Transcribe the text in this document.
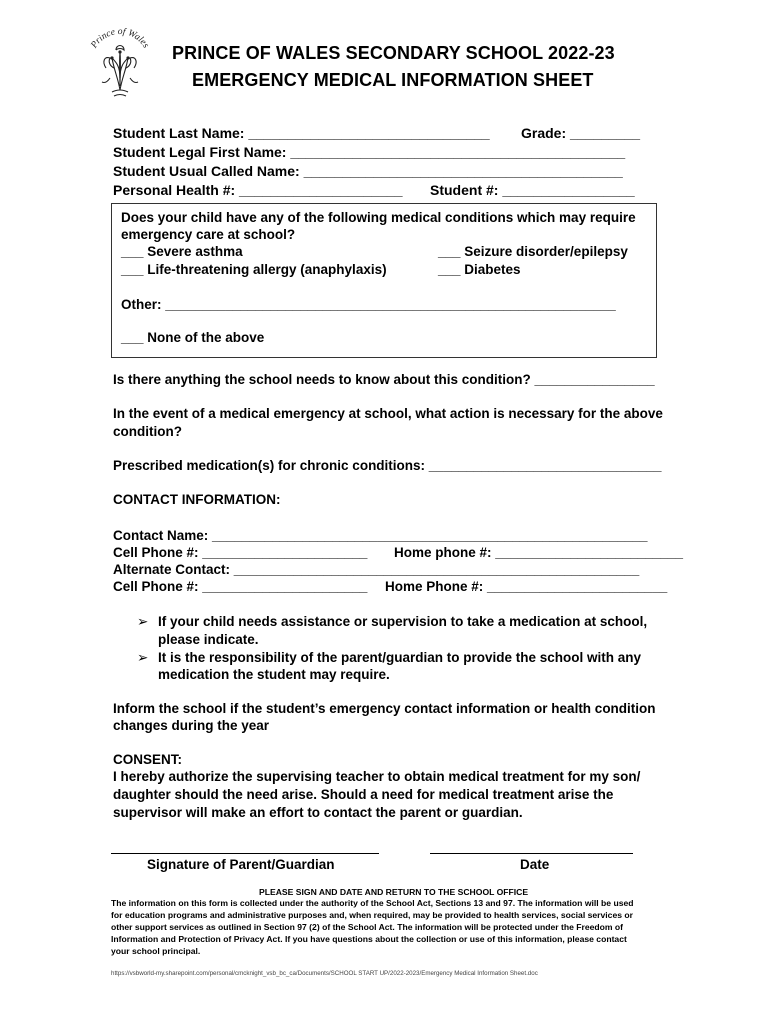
Prince of Wales PRINCE OF WALES SECONDARY SCHOOL 2022-23
EMERGENCY MEDICAL INFORMATION SHEET
Student Last Name: _______________________________ Grade: _________
Student Legal First Name: ___________________________________________
Student Usual Called Name: _________________________________________
Personal Health #: _____________________ Student #: _________________
Does your child have any of the following medical conditions which may require
emergency care at school?
___ Severe asthma	___ Seizure disorder/epilepsy
___ Life-threatening allergy (anaphylaxis)	___ Diabetes
Other: ____________________________________________________________
___ None of the above
Is there anything the school needs to know about this condition? ________________
In the event of a medical emergency at school, what action is necessary for the above
condition?
Prescribed medication(s) for chronic conditions: _______________________________
CONTACT INFORMATION:
Contact Name: __________________________________________________________
Cell Phone #: ______________________ Home phone #: _________________________
Alternate Contact: ______________________________________________________
Cell Phone #: ______________________ Home Phone #: ________________________
➢ If your child needs assistance or supervision to take a medication at school,
please indicate.
➢ It is the responsibility of the parent/guardian to provide the school with any
medication the student may require.
Inform the school if the student’s emergency contact information or health condition
changes during the year
CONSENT:
I hereby authorize the supervising teacher to obtain medical treatment for my son/
daughter should the need arise. Should a need for medical treatment arise the
supervisor will make an effort to contact the parent or guardian.
Signature of Parent/Guardian	Date
PLEASE SIGN AND DATE AND RETURN TO THE SCHOOL OFFICE
The information on this form is collected under the authority of the School Act, Sections 13 and 97. The information will be used
for education programs and administrative purposes and, when required, may be provided to health services, social services or
other support services as outlined in Section 97 (2) of the School Act. The information will be protected under the Freedom of
Information and Protection of Privacy Act. If you have questions about the collection or use of this information, please contact
your school principal.
https://vsbworld-my.sharepoint.com/personal/cmcknight_vsb_bc_ca/Documents/SCHOOL START UP/2022-2023/Emergency Medical Information Sheet.doc
